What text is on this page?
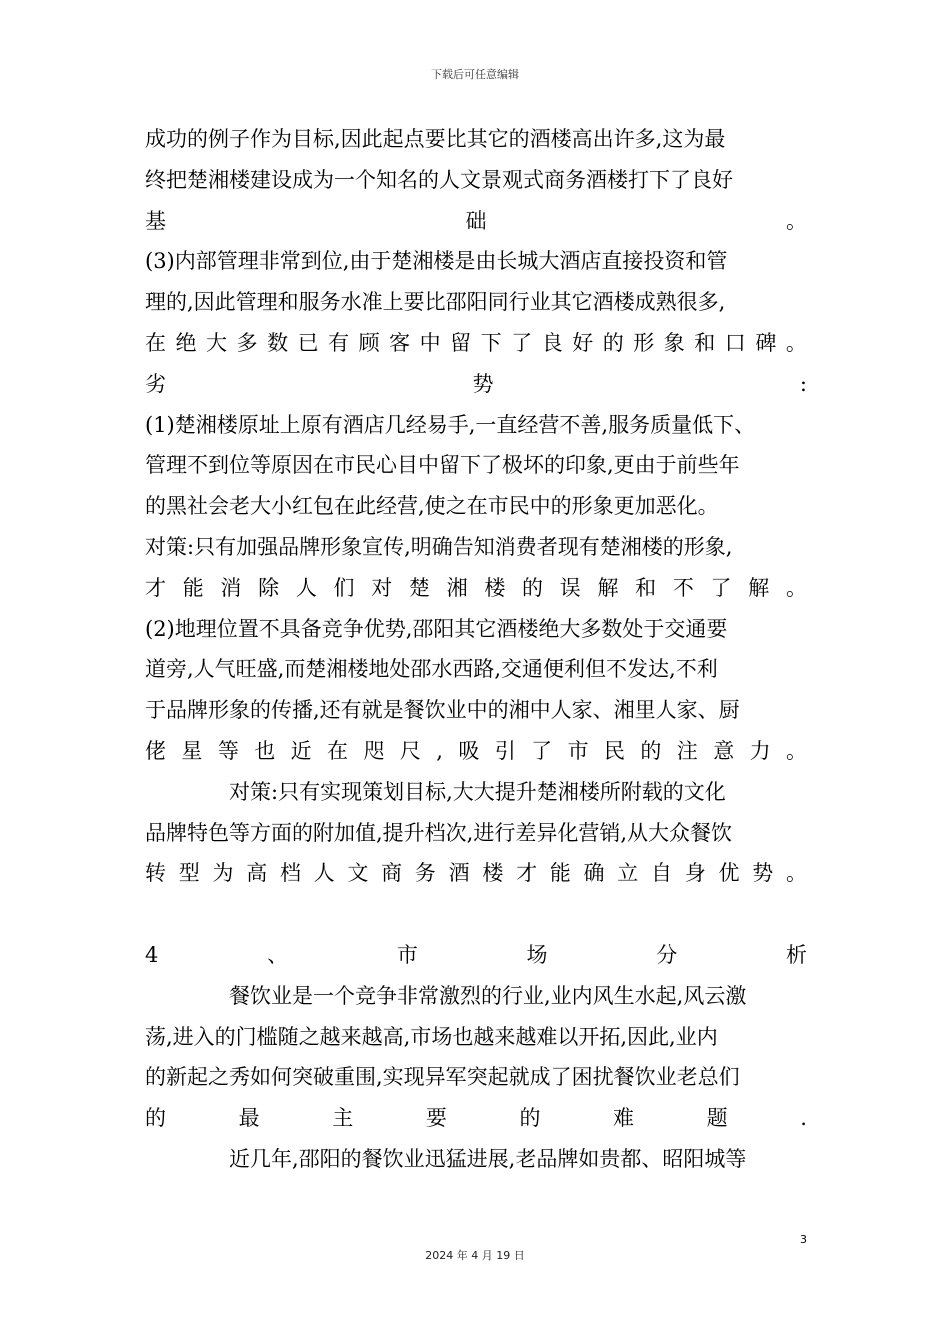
下载后可任意编辑
成功的例子作为目标,因此起点要比其它的酒楼高出许多,这为最
终把楚湘楼建设成为一个知名的人文景观式商务酒楼打下了良好
基	础	。
(3)内部管理非常到位,由于楚湘楼是由长城大酒店直接投资和管
理的,因此管理和服务水准上要比邵阳同行业其它酒楼成熟很多,
在 绝 大 多 数 已 有 顾 客 中 留 下 了 良 好 的 形 象 和 口 碑 。
劣	势	:
(1)楚湘楼原址上原有酒店几经易手,一直经营不善,服务质量低下、
管理不到位等原因在市民心目中留下了极坏的印象,更由于前些年
的黑社会老大小红包在此经营,使之在市民中的形象更加恶化。
对策:只有加强品牌形象宣传,明确告知消费者现有楚湘楼的形象,
才 能 消 除 人 们 对 楚 湘 楼 的 误 解 和 不 了 解 。
(2)地理位置不具备竞争优势,邵阳其它酒楼绝大多数处于交通要
道旁,人气旺盛,而楚湘楼地处邵水西路,交通便利但不发达,不利
于品牌形象的传播,还有就是餐饮业中的湘中人家、湘里人家、厨
佬 星 等 也 近 在 咫 尺 , 吸 引 了 市 民 的 注 意 力 。
对策:只有实现策划目标,大大提升楚湘楼所附载的文化
品牌特色等方面的附加值,提升档次,进行差异化营销,从大众餐饮
转 型 为 高 档 人 文 商 务 酒 楼 才 能 确 立 自 身 优 势 。
4	、	市	场	分	析
餐饮业是一个竞争非常激烈的行业,业内风生水起,风云激
荡,进入的门槛随之越来越高,市场也越来越难以开拓,因此,业内
的新起之秀如何突破重围,实现异军突起就成了困扰餐饮业老总们
的	最	主	要	的	难	题	.
近几年,邵阳的餐饮业迅猛进展,老品牌如贵都、昭阳城等
3
2024 年 4 月 19 日
